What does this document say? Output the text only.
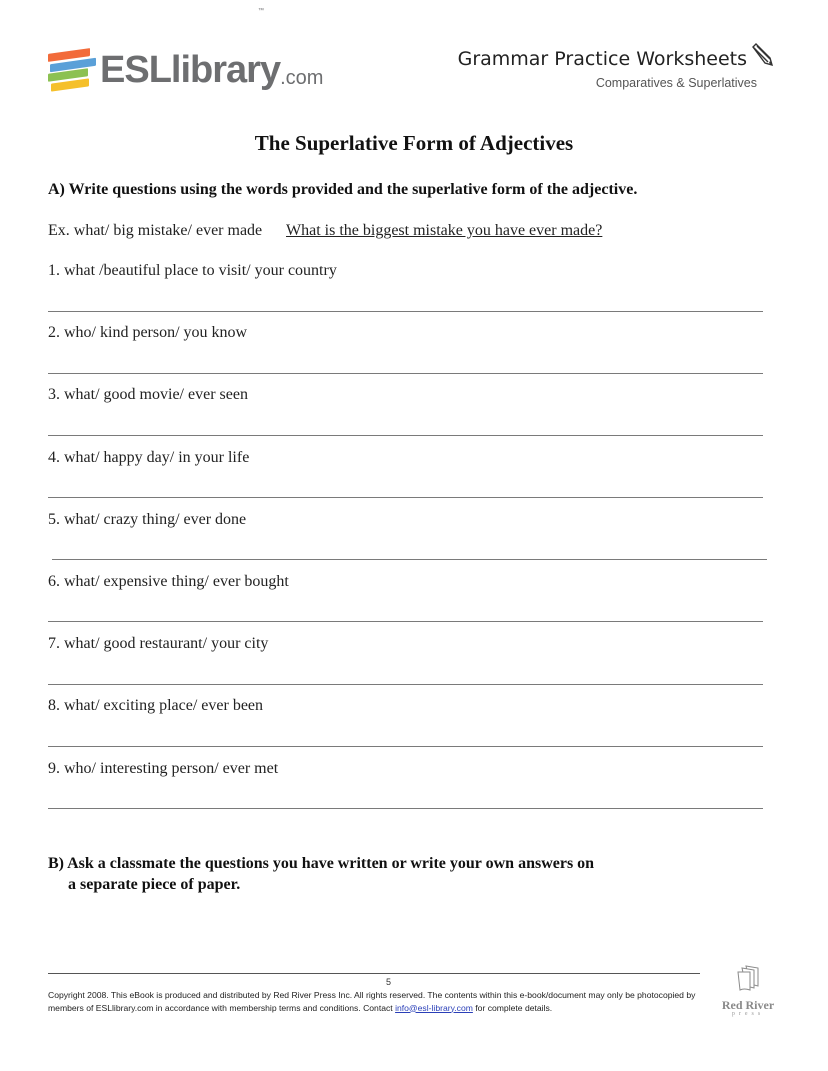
ESLlibrary .com
™
Grammar Practice Worksheets
Comparatives & Superlatives
The Superlative Form of Adjectives
A) Write questions using the words provided and the superlative form of the adjective.
Ex. what/ big mistake/ ever made What is the biggest mistake you have ever made?
1. what /beautiful place to visit/ your country
2. who/ kind person/ you know
3. what/ good movie/ ever seen
4. what/ happy day/ in your life
5. what/ crazy thing/ ever done
6. what/ expensive thing/ ever bought
7. what/ good restaurant/ your city
8. what/ exciting place/ ever been
9. who/ interesting person/ ever met
B) Ask a classmate the questions you have written or write your own answers on
a separate piece of paper.
5
Copyright 2008. This eBook is produced and distributed by Red River Press Inc. All rights reserved. The contents within this e-book/document may only be photocopied by members of ESLlibrary.com in accordance with membership terms and conditions. Contact info@esl-library.com for complete details.	Red River
press
